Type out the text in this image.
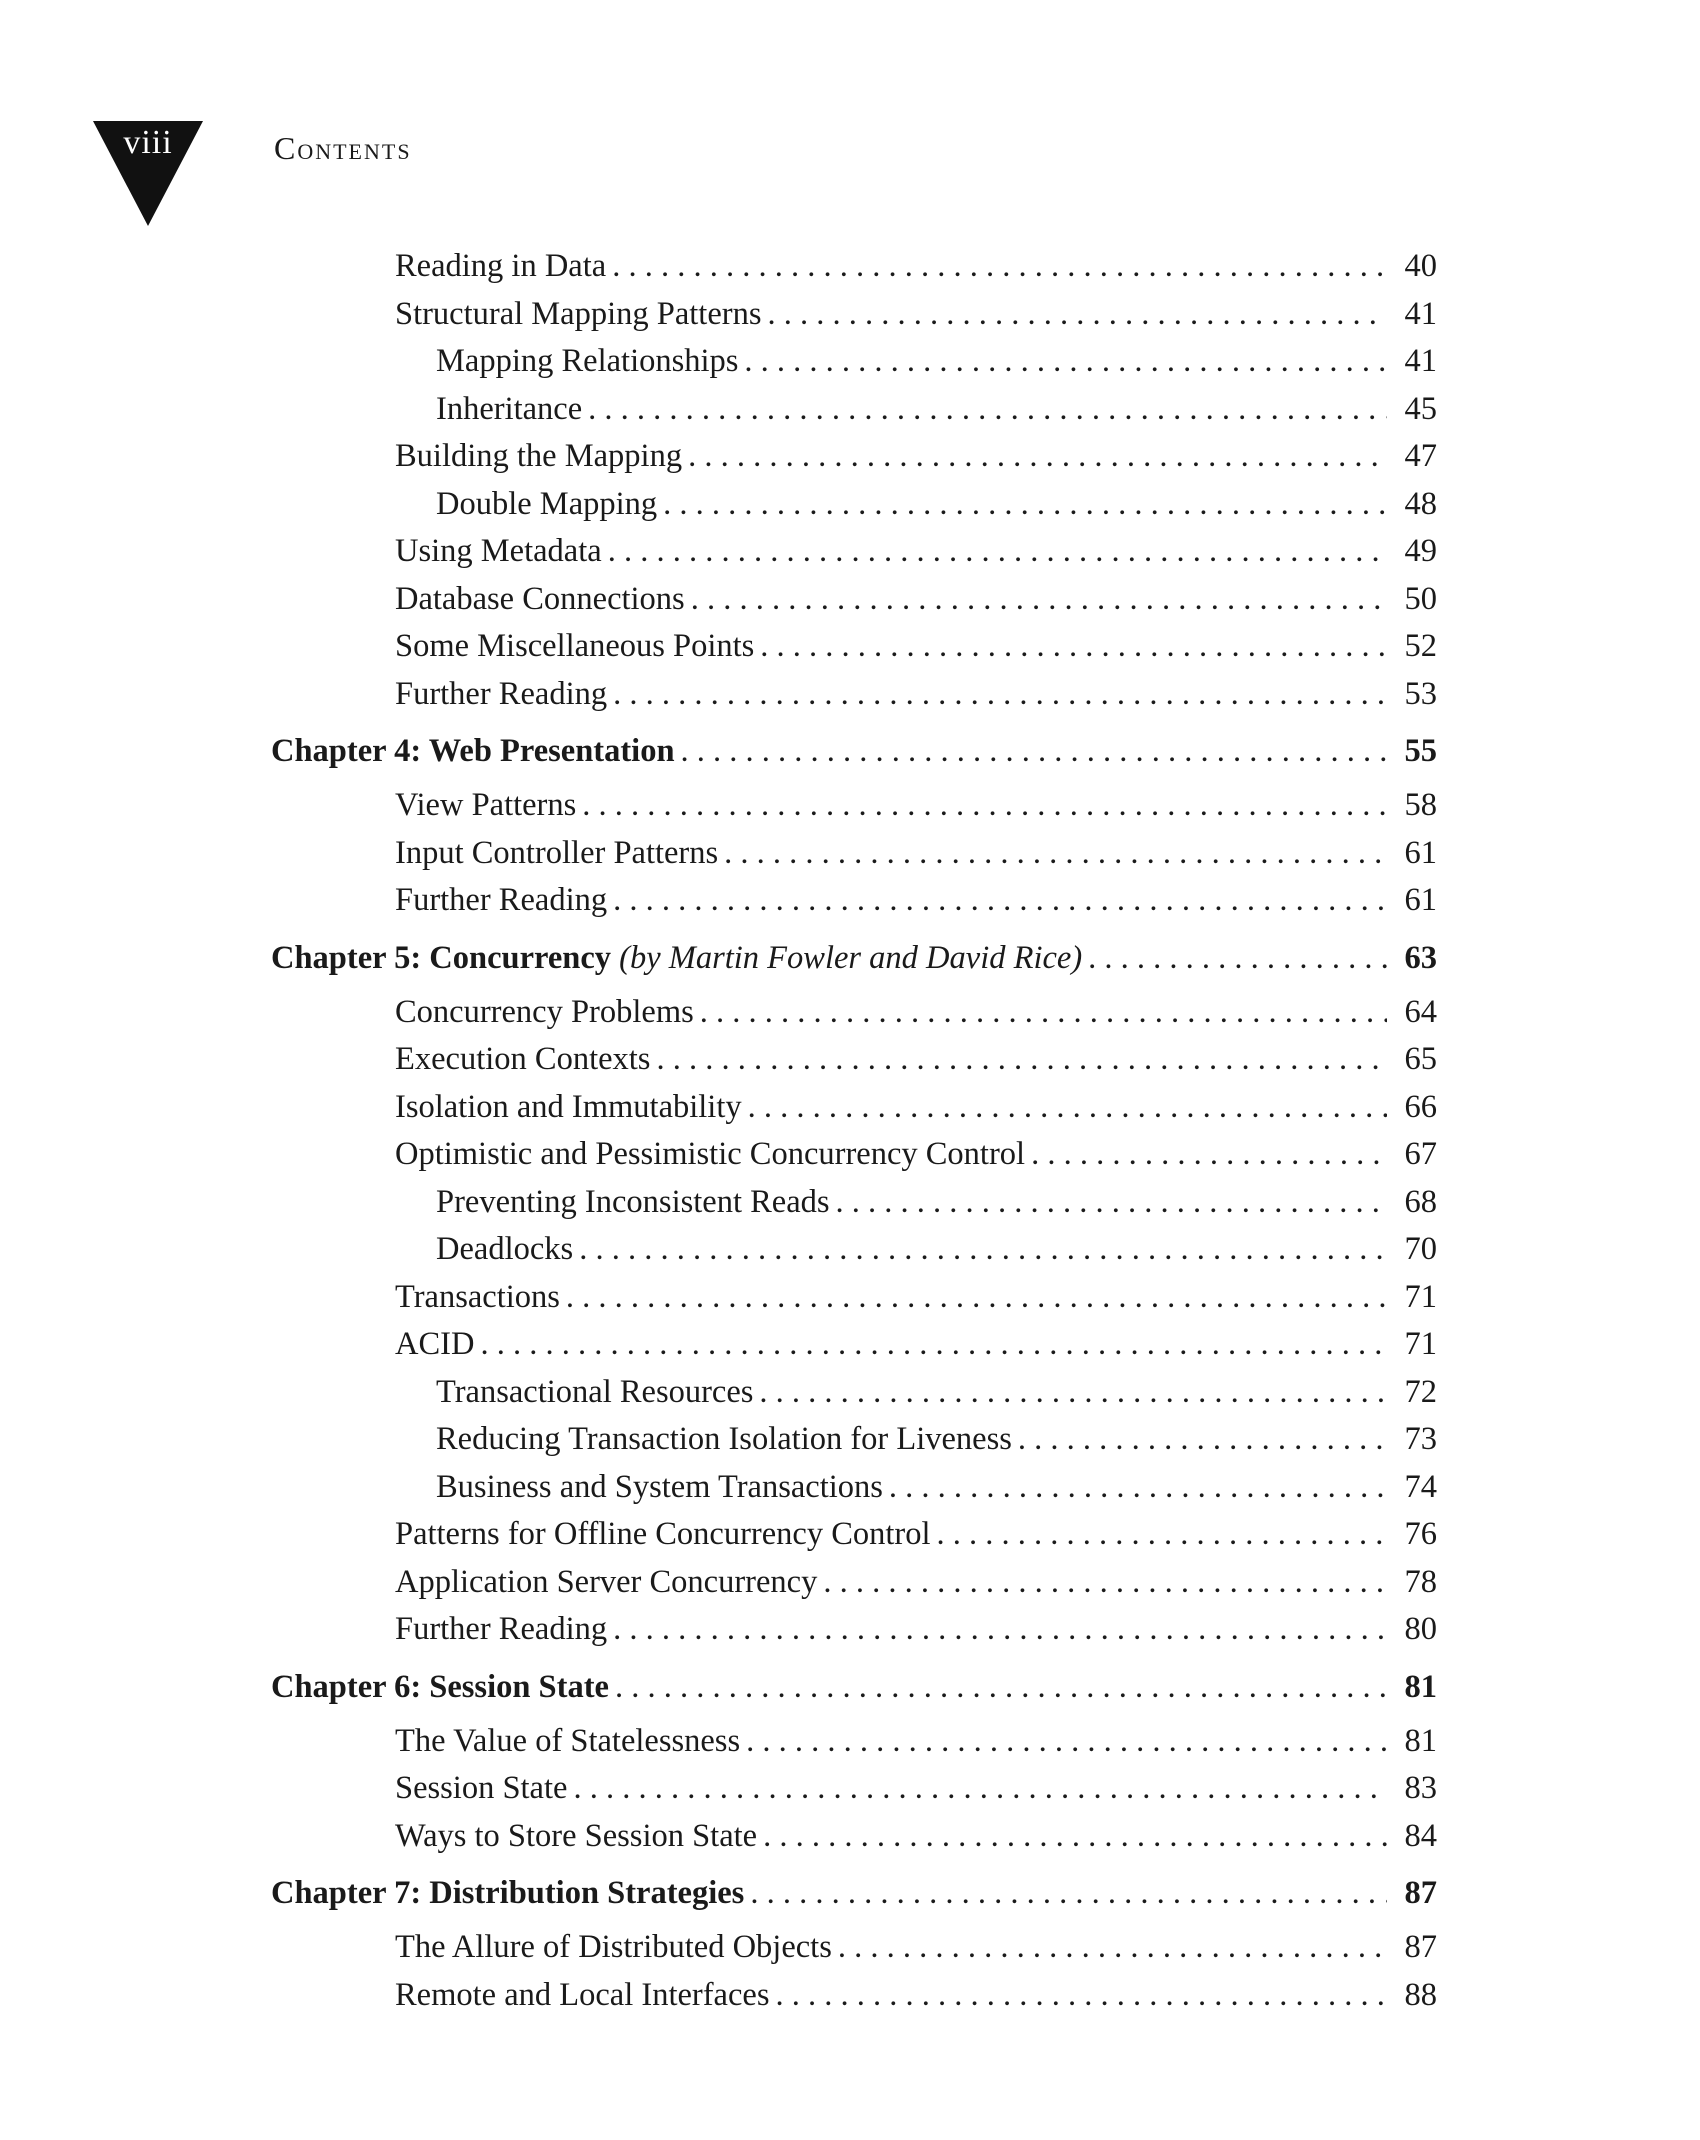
viii	Contents
Reading in Data . . .	40
Structural Mapping Patterns . . .	41
Mapping Relationships . . .	41
Inheritance . . .	45
Building the Mapping . . .	47
Double Mapping . . .	48
Using Metadata . . .	49
Database Connections . . .	50
Some Miscellaneous Points . . .	52
Further Reading . . .	53
Chapter 4: Web Presentation . . .	55
View Patterns . . .	58
Input Controller Patterns . . .	61
Further Reading . . .	61
Chapter 5: Concurrency (by Martin Fowler and David Rice) . . .	63
Concurrency Problems . . .	64
Execution Contexts . . .	65
Isolation and Immutability . . .	66
Optimistic and Pessimistic Concurrency Control . . .	67
Preventing Inconsistent Reads . . .	68
Deadlocks . . .	70
Transactions . . .	71
ACID . . .	71
Transactional Resources . . .	72
Reducing Transaction Isolation for Liveness . . .	73
Business and System Transactions . . .	74
Patterns for Offline Concurrency Control . . .	76
Application Server Concurrency . . .	78
Further Reading . . .	80
Chapter 6: Session State . . .	81
The Value of Statelessness . . .	81
Session State . . .	83
Ways to Store Session State . . .	84
Chapter 7: Distribution Strategies . . .	87
The Allure of Distributed Objects . . .	87
Remote and Local Interfaces . . .	88
